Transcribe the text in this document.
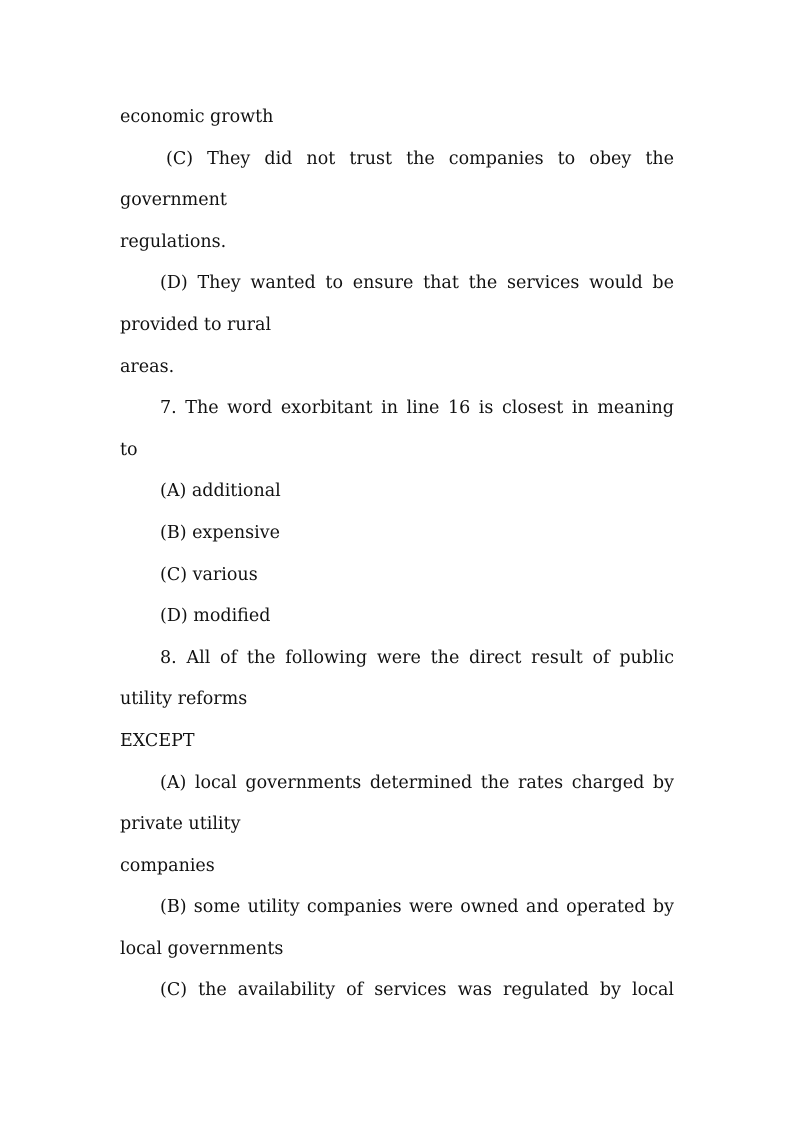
economic growth
(C) They did not trust the companies to obey the
government
regulations.
(D) They wanted to ensure that the services would be
provided to rural
areas.
7. The word exorbitant in line 16 is closest in meaning
to
(A) additional
(B) expensive
(C) various
(D) modified
8. All of the following were the direct result of public
utility reforms
EXCEPT
(A) local governments determined the rates charged by
private utility
companies
(B) some utility companies were owned and operated by
local governments
(C) the availability of services was regulated by local
